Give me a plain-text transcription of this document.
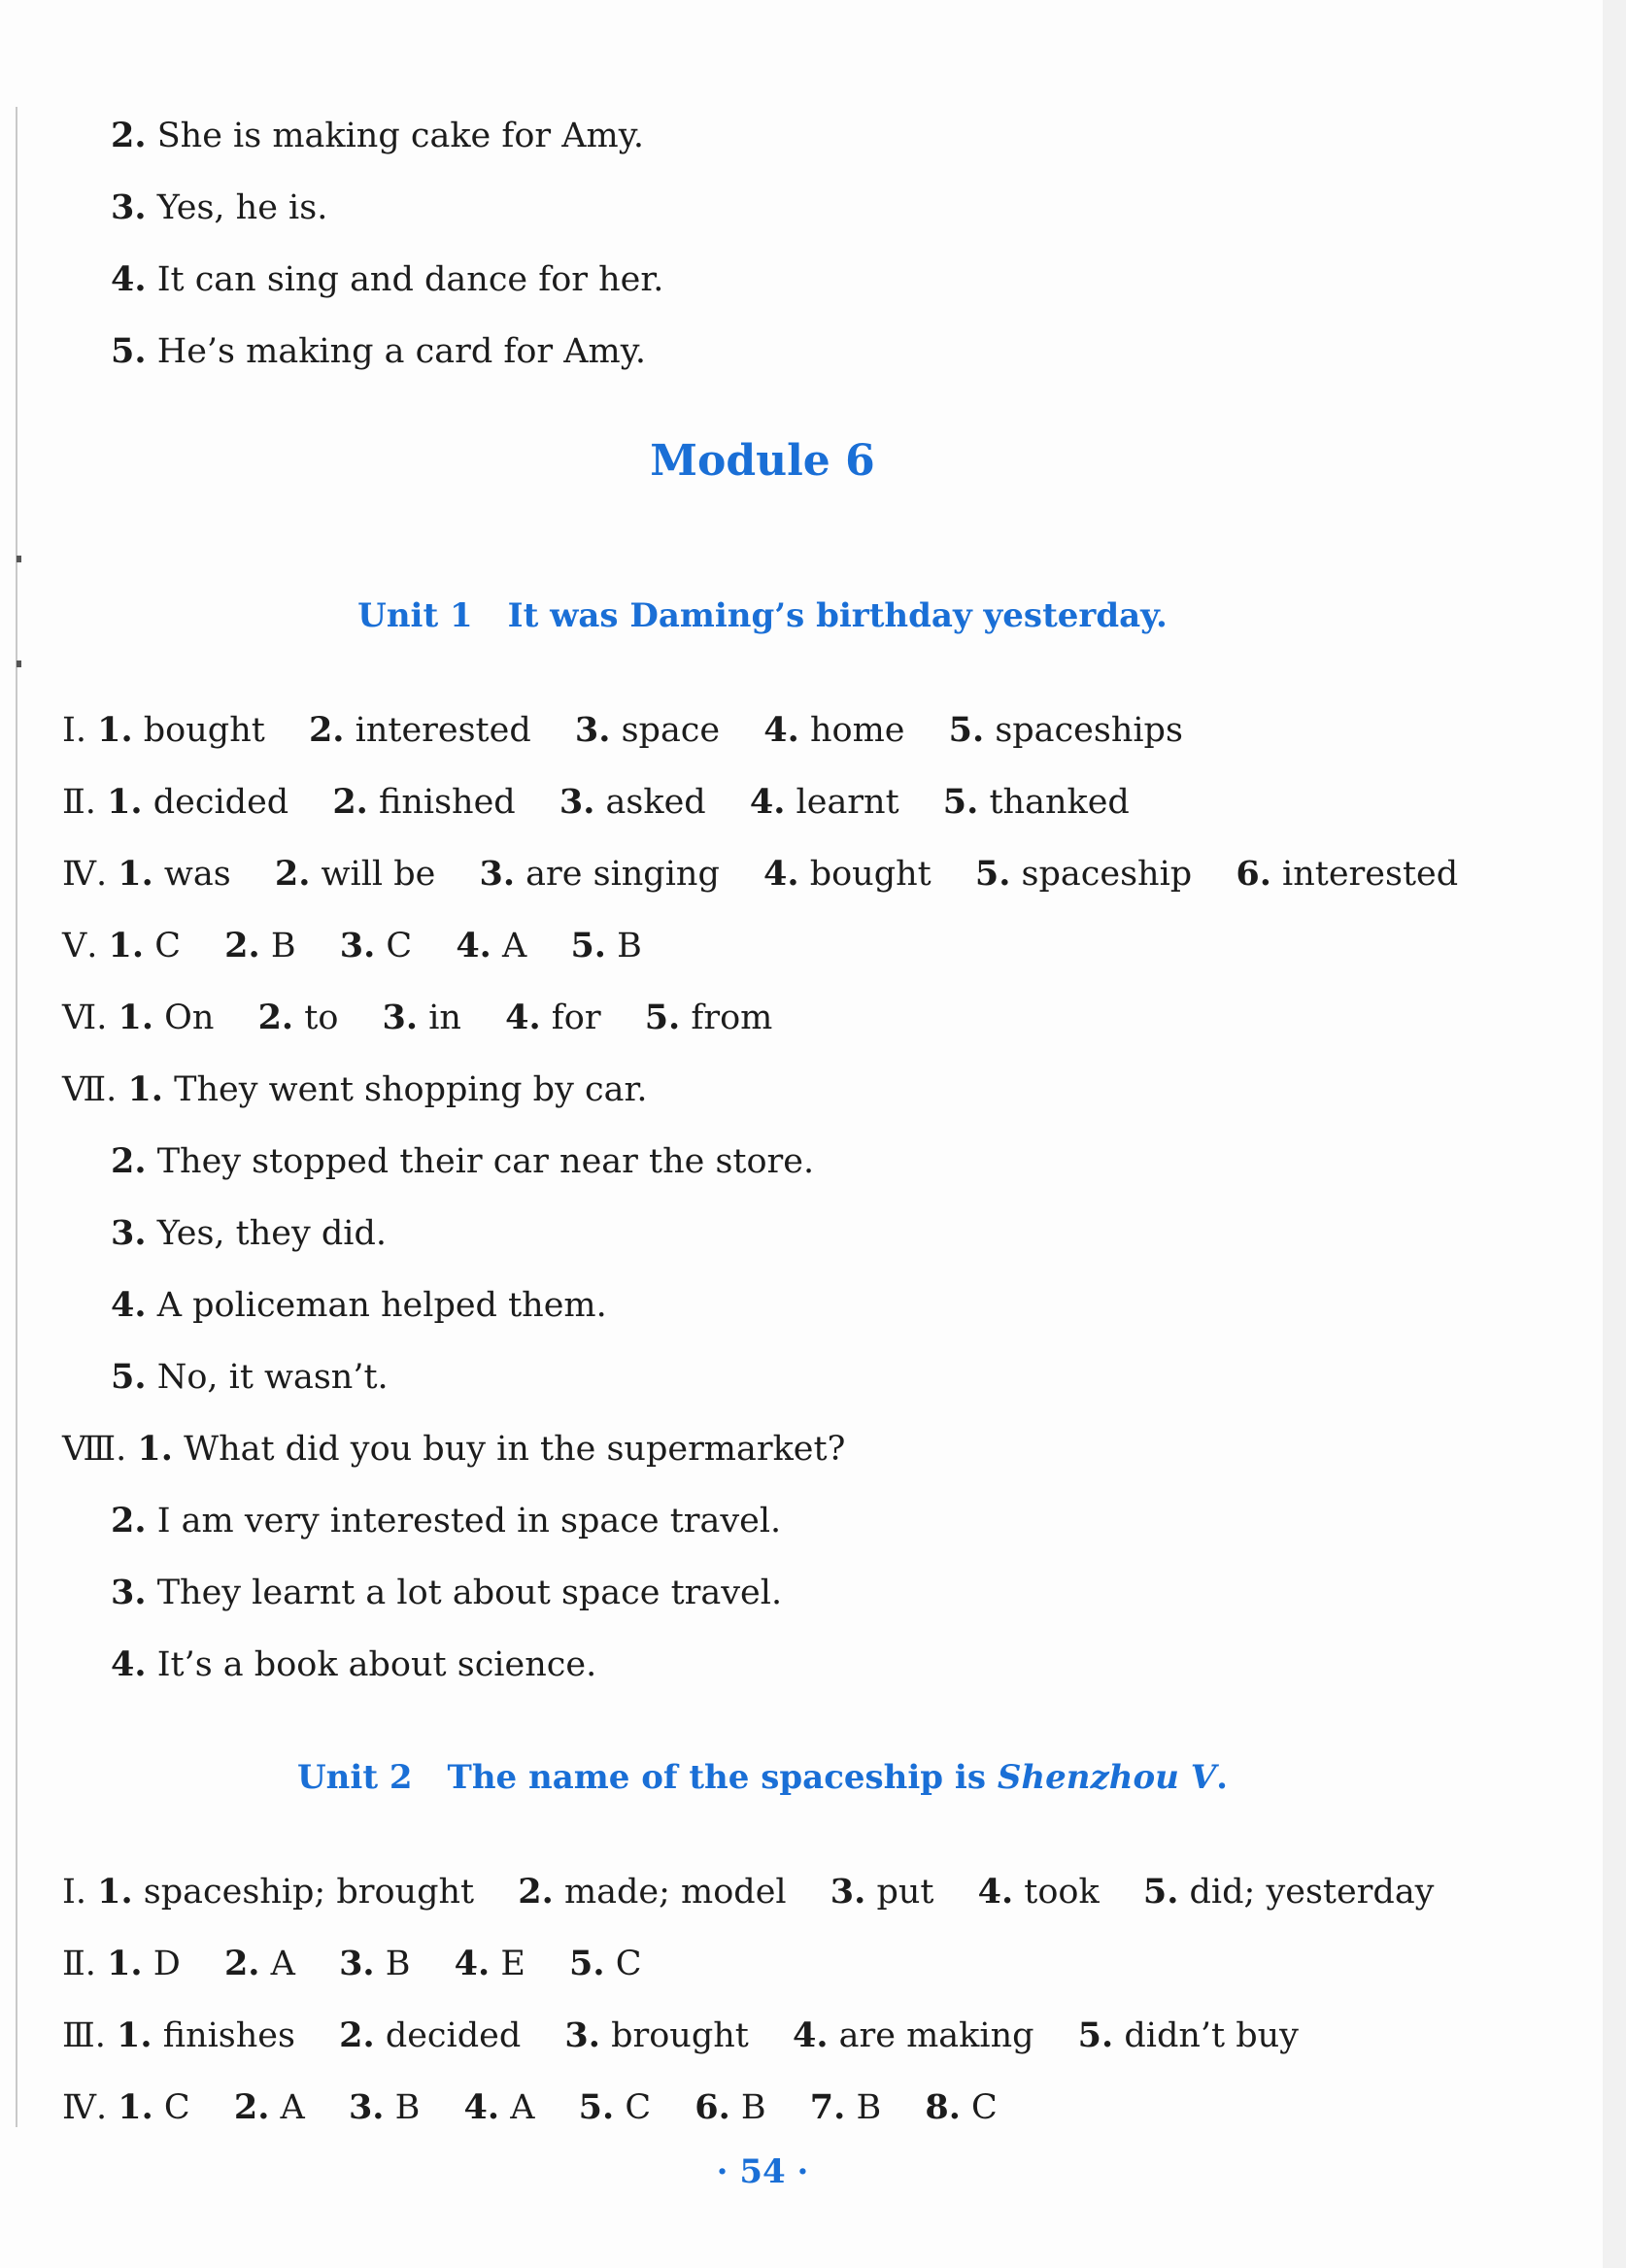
2. She is making cake for Amy.
3. Yes, he is.
4. It can sing and dance for her.
5. He’s making a card for Amy.
Module 6
Unit 1 It was Daming’s birthday yesterday.
Ⅰ. 1. bought 2. interested 3. space 4. home 5. spaceships
Ⅱ. 1. decided 2. finished 3. asked 4. learnt 5. thanked
Ⅳ. 1. was 2. will be 3. are singing 4. bought 5. spaceship 6. interested
Ⅴ. 1. C 2. B 3. C 4. A 5. B
Ⅵ. 1. On 2. to 3. in 4. for 5. from
Ⅶ. 1. They went shopping by car.
2. They stopped their car near the store.
3. Yes, they did.
4. A policeman helped them.
5. No, it wasn’t.
Ⅷ. 1. What did you buy in the supermarket?
2. I am very interested in space travel.
3. They learnt a lot about space travel.
4. It’s a book about science.
Unit 2 The name of the spaceship is Shenzhou Ⅴ.
Ⅰ. 1. spaceship; brought 2. made; model 3. put 4. took 5. did; yesterday
Ⅱ. 1. D 2. A 3. B 4. E 5. C
Ⅲ. 1. finishes 2. decided 3. brought 4. are making 5. didn’t buy
Ⅳ. 1. C 2. A 3. B 4. A 5. C 6. B 7. B 8. C
· 54 ·
